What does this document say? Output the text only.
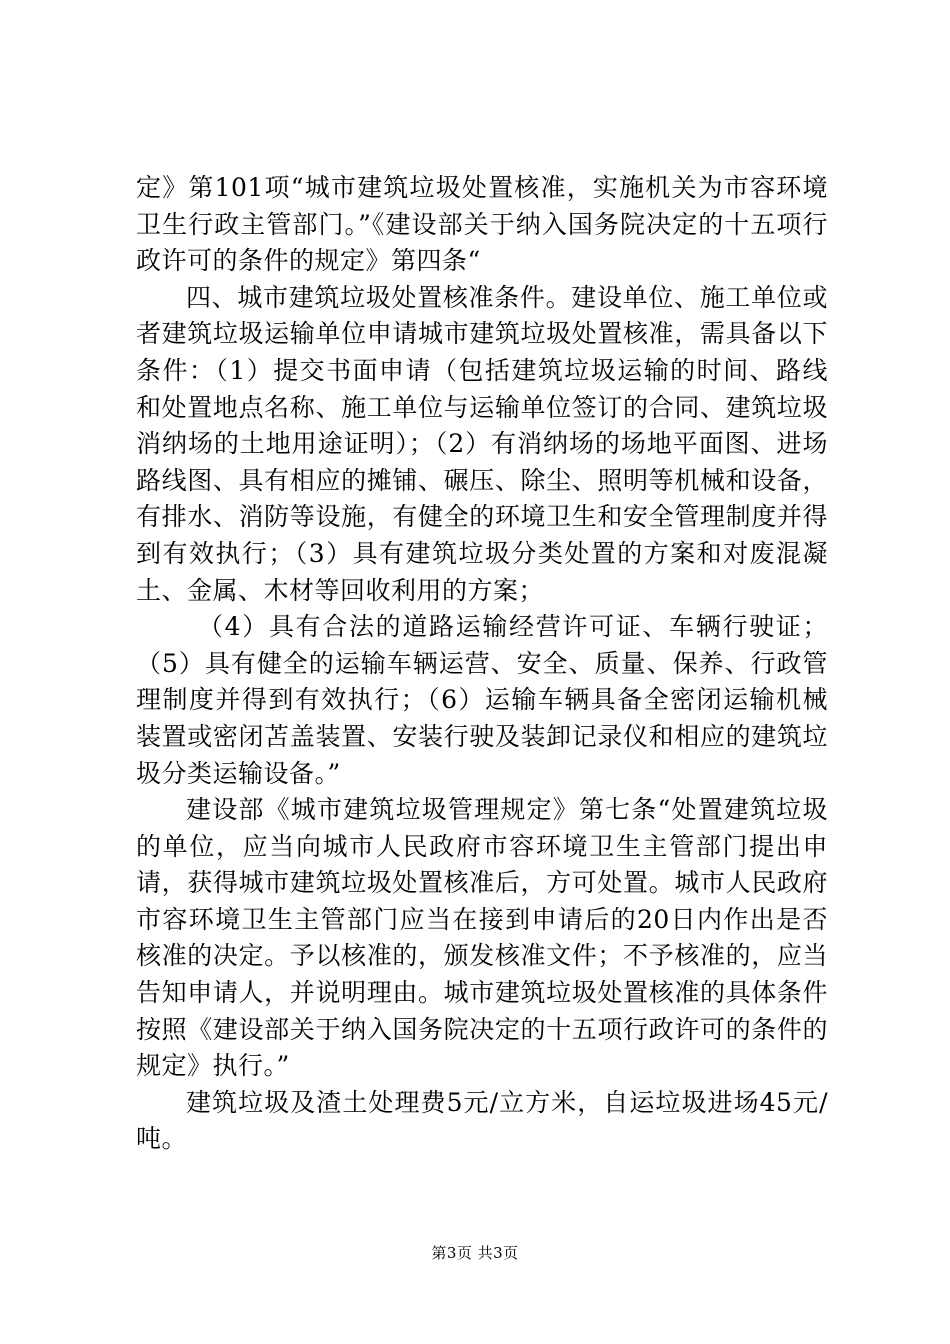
定》第101项“城市建筑垃圾处置核准，实施机关为市容环境卫生行政主管部门。”《建设部关于纳入国务院决定的十五项行政许可的条件的规定》第四条“

四、城市建筑垃圾处置核准条件。建设单位、施工单位或者建筑垃圾运输单位申请城市建筑垃圾处置核准，需具备以下条件：（1）提交书面申请（包括建筑垃圾运输的时间、路线和处置地点名称、施工单位与运输单位签订的合同、建筑垃圾消纳场的土地用途证明）；（2）有消纳场的场地平面图、进场路线图、具有相应的摊铺、碾压、除尘、照明等机械和设备，有排水、消防等设施，有健全的环境卫生和安全管理制度并得到有效执行；（3）具有建筑垃圾分类处置的方案和对废混凝土、金属、木材等回收利用的方案；

（4）具有合法的道路运输经营许可证、车辆行驶证；（5）具有健全的运输车辆运营、安全、质量、保养、行政管理制度并得到有效执行；（6）运输车辆具备全密闭运输机械装置或密闭苫盖装置、安装行驶及装卸记录仪和相应的建筑垃圾分类运输设备。”

建设部《城市建筑垃圾管理规定》第七条“处置建筑垃圾的单位，应当向城市人民政府市容环境卫生主管部门提出申请，获得城市建筑垃圾处置核准后，方可处置。城市人民政府市容环境卫生主管部门应当在接到申请后的20日内作出是否核准的决定。予以核准的，颁发核准文件；不予核准的，应当告知申请人，并说明理由。城市建筑垃圾处置核准的具体条件按照《建设部关于纳入国务院决定的十五项行政许可的条件的规定》执行。”

建筑垃圾及渣土处理费5元/立方米，自运垃圾进场45元/吨。

第3页 共3页
